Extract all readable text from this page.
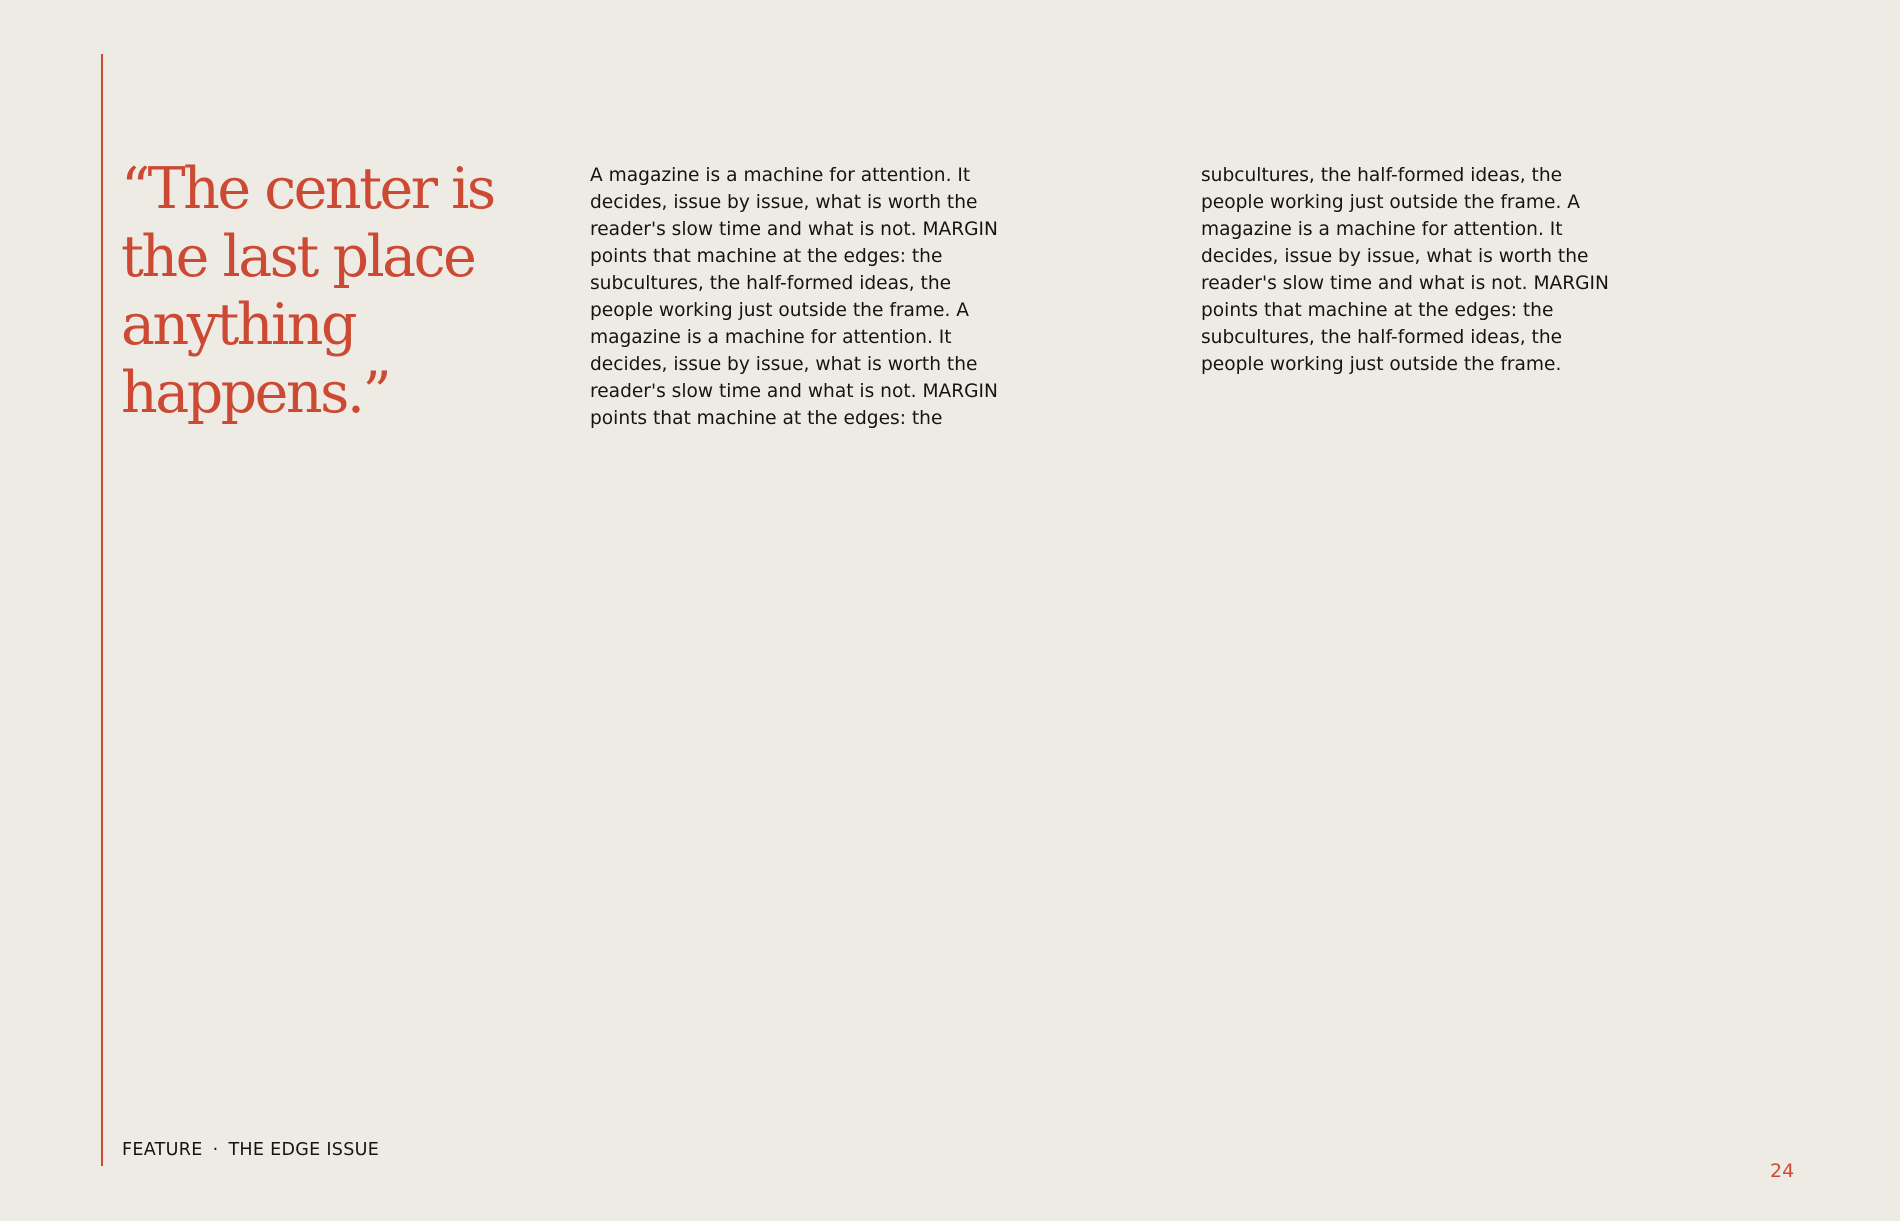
“The center is the last place anything happens.”

A magazine is a machine for attention. It decides, issue by issue, what is worth the reader's slow time and what is not. MARGIN points that machine at the edges: the subcultures, the half-formed ideas, the people working just outside the frame. A magazine is a machine for attention. It decides, issue by issue, what is worth the reader's slow time and what is not. MARGIN points that machine at the edges: the

subcultures, the half-formed ideas, the people working just outside the frame. A magazine is a machine for attention. It decides, issue by issue, what is worth the reader's slow time and what is not. MARGIN points that machine at the edges: the subcultures, the half-formed ideas, the people working just outside the frame.

FEATURE · THE EDGE ISSUE
24
